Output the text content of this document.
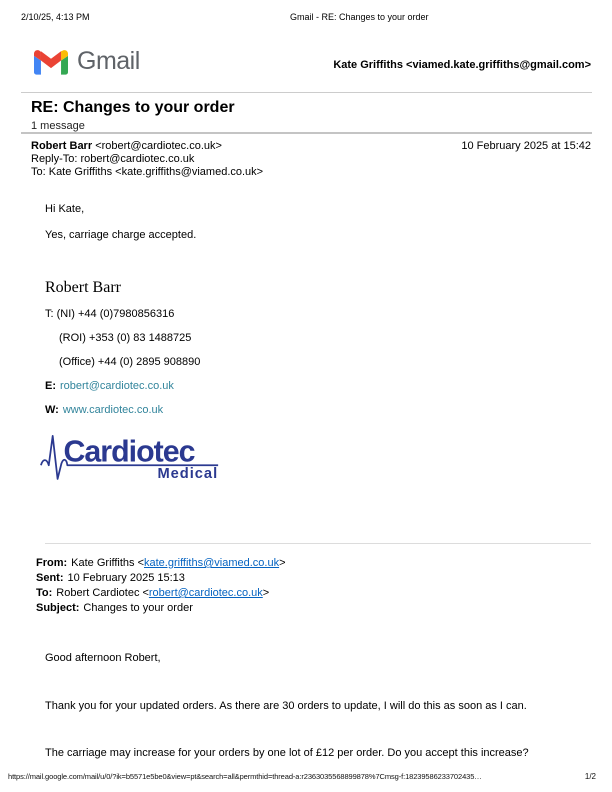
2/10/25, 4:13 PM	Gmail - RE: Changes to your order
Gmail	Kate Griffiths <viamed.kate.griffiths@gmail.com>
RE: Changes to your order
1 message
Robert Barr <robert@cardiotec.co.uk>
Reply-To: robert@cardiotec.co.uk
To: Kate Griffiths <kate.griffiths@viamed.co.uk>
10 February 2025 at 15:42
Hi Kate,
Yes, carriage charge accepted.
Robert Barr
T: (NI) +44 (0)7980856316
(ROI) +353 (0) 83 1488725
(Office) +44 (0) 2895 908890
E: robert@cardiotec.co.uk
W: www.cardiotec.co.uk
Cardiotec
Medical
From: Kate Griffiths <kate.griffiths@viamed.co.uk>
Sent: 10 February 2025 15:13
To: Robert Cardiotec <robert@cardiotec.co.uk>
Subject: Changes to your order
Good afternoon Robert,
Thank you for your updated orders. As there are 30 orders to update, I will do this as soon as I can.
The carriage may increase for your orders by one lot of £12 per order. Do you accept this increase?
https://mail.google.com/mail/u/0/?ik=b5571e5be0&view=pt&search=all&permthid=thread-a:r2363035568899878%7Cmsg-f:18239586233702435…	1/2
